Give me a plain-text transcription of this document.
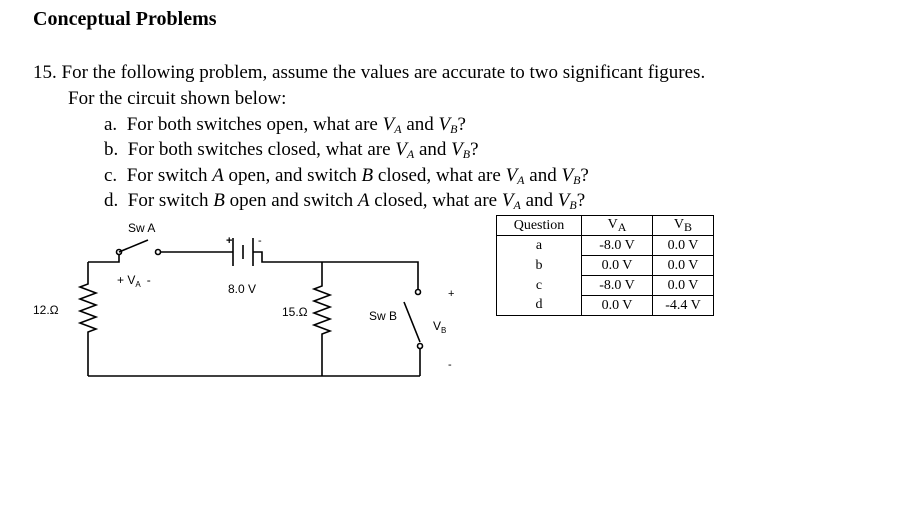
Conceptual Problems
15. For the following problem, assume the values are accurate to two significant figures.
For the circuit shown below:
a. For both switches open, what are $V_A$ and $V_B$?
b. For both switches closed, what are $V_A$ and $V_B$?
c. For switch A open, and switch B closed, what are $V_A$ and $V_B$?
d. For switch B open and switch A closed, what are $V_A$ and $V_B$?
Sw A
+ $V_A$ -
+ -
8.0 V
12.Ω	15.Ω	Sw B
+
$V_B$
-
Question	VA	VB
a	-8.0 V	0.0 V
b	0.0 V	0.0 V
c	-8.0 V	0.0 V
d	0.0 V	-4.4 V
